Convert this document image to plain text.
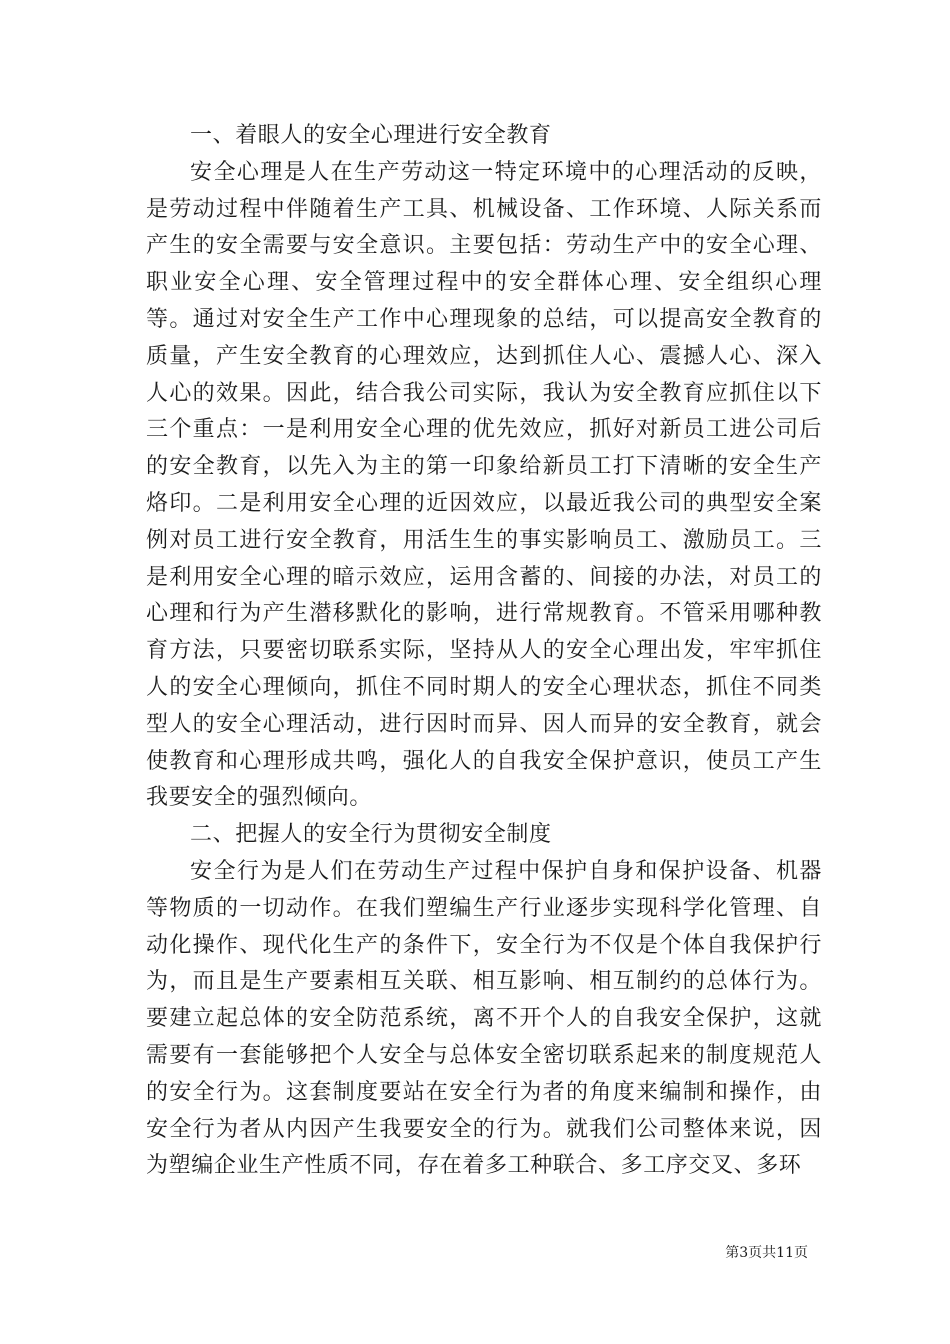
一、着眼人的安全心理进行安全教育

安全心理是人在生产劳动这一特定环境中的心理活动的反映，是劳动过程中伴随着生产工具、机械设备、工作环境、人际关系而产生的安全需要与安全意识。主要包括：劳动生产中的安全心理、职业安全心理、安全管理过程中的安全群体心理、安全组织心理等。通过对安全生产工作中心理现象的总结，可以提高安全教育的质量，产生安全教育的心理效应，达到抓住人心、震撼人心、深入人心的效果。因此，结合我公司实际，我认为安全教育应抓住以下三个重点：一是利用安全心理的优先效应，抓好对新员工进公司后的安全教育，以先入为主的第一印象给新员工打下清晰的安全生产烙印。二是利用安全心理的近因效应，以最近我公司的典型安全案例对员工进行安全教育，用活生生的事实影响员工、激励员工。三是利用安全心理的暗示效应，运用含蓄的、间接的办法，对员工的心理和行为产生潜移默化的影响，进行常规教育。不管采用哪种教育方法，只要密切联系实际，坚持从人的安全心理出发，牢牢抓住人的安全心理倾向，抓住不同时期人的安全心理状态，抓住不同类型人的安全心理活动，进行因时而异、因人而异的安全教育，就会使教育和心理形成共鸣，强化人的自我安全保护意识，使员工产生我要安全的强烈倾向。

二、把握人的安全行为贯彻安全制度

安全行为是人们在劳动生产过程中保护自身和保护设备、机器等物质的一切动作。在我们塑编生产行业逐步实现科学化管理、自动化操作、现代化生产的条件下，安全行为不仅是个体自我保护行为，而且是生产要素相互关联、相互影响、相互制约的总体行为。要建立起总体的安全防范系统，离不开个人的自我安全保护，这就需要有一套能够把个人安全与总体安全密切联系起来的制度规范人的安全行为。这套制度要站在安全行为者的角度来编制和操作，由安全行为者从内因产生我要安全的行为。就我们公司整体来说，因为塑编企业生产性质不同，存在着多工种联合、多工序交叉、多环

第3页共11页
